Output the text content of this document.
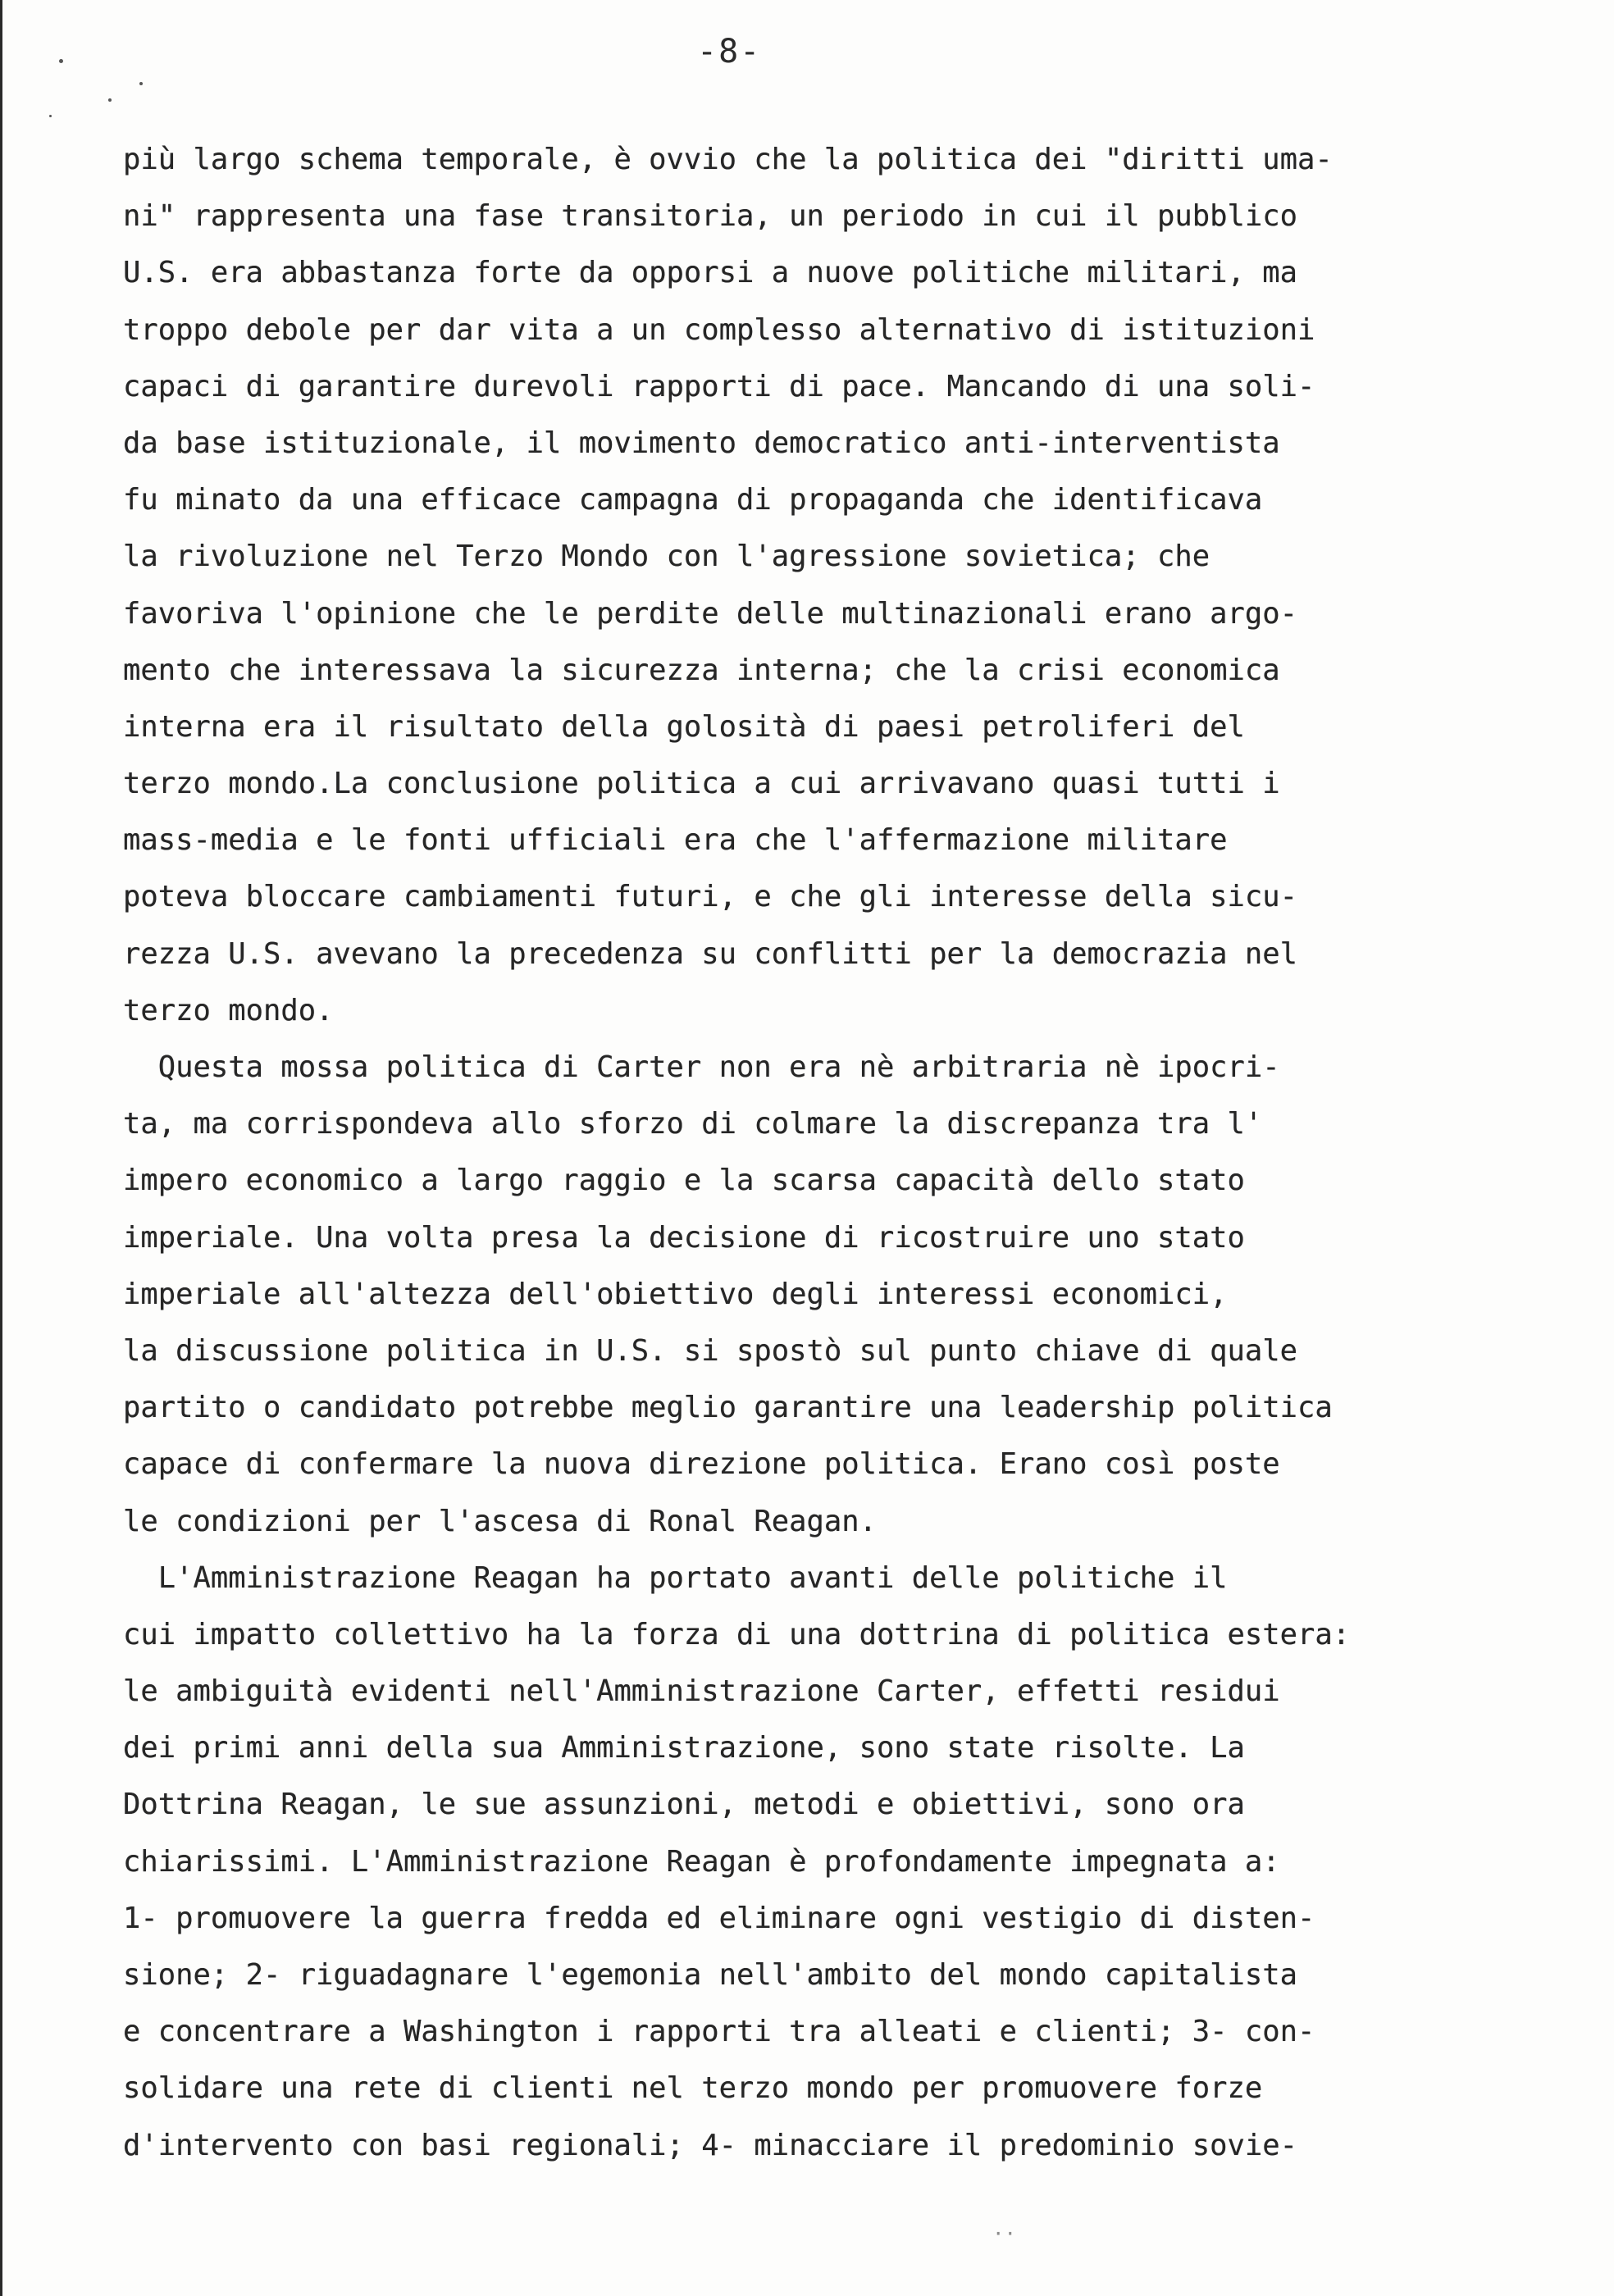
-8-
più largo schema temporale, è ovvio che la politica dei "diritti uma-
ni" rappresenta una fase transitoria, un periodo in cui il pubblico
U.S. era abbastanza forte da opporsi a nuove politiche militari, ma
troppo debole per dar vita a un complesso alternativo di istituzioni
capaci di garantire durevoli rapporti di pace. Mancando di una soli-
da base istituzionale, il movimento democratico anti-interventista
fu minato da una efficace campagna di propaganda che identificava
la rivoluzione nel Terzo Mondo con l'agressione sovietica; che
favoriva l'opinione che le perdite delle multinazionali erano argo-
mento che interessava la sicurezza interna; che la crisi economica
interna era il risultato della golosità di paesi petroliferi del
terzo mondo.La conclusione politica a cui arrivavano quasi tutti i
mass-media e le fonti ufficiali era che l'affermazione militare
poteva bloccare cambiamenti futuri, e che gli interesse della sicu-
rezza U.S. avevano la precedenza su conflitti per la democrazia nel
terzo mondo.
Questa mossa politica di Carter non era nè arbitraria nè ipocri-
ta, ma corrispondeva allo sforzo di colmare la discrepanza tra l'
impero economico a largo raggio e la scarsa capacità dello stato
imperiale. Una volta presa la decisione di ricostruire uno stato
imperiale all'altezza dell'obiettivo degli interessi economici,
la discussione politica in U.S. si spostò sul punto chiave di quale
partito o candidato potrebbe meglio garantire una leadership politica
capace di confermare la nuova direzione politica. Erano così poste
le condizioni per l'ascesa di Ronal Reagan.
L'Amministrazione Reagan ha portato avanti delle politiche il
cui impatto collettivo ha la forza di una dottrina di politica estera:
le ambiguità evidenti nell'Amministrazione Carter, effetti residui
dei primi anni della sua Amministrazione, sono state risolte. La
Dottrina Reagan, le sue assunzioni, metodi e obiettivi, sono ora
chiarissimi. L'Amministrazione Reagan è profondamente impegnata a:
1- promuovere la guerra fredda ed eliminare ogni vestigio di disten-
sione; 2- riguadagnare l'egemonia nell'ambito del mondo capitalista
e concentrare a Washington i rapporti tra alleati e clienti; 3- con-
solidare una rete di clienti nel terzo mondo per promuovere forze
d'intervento con basi regionali; 4- minacciare il predominio sovie-
··
